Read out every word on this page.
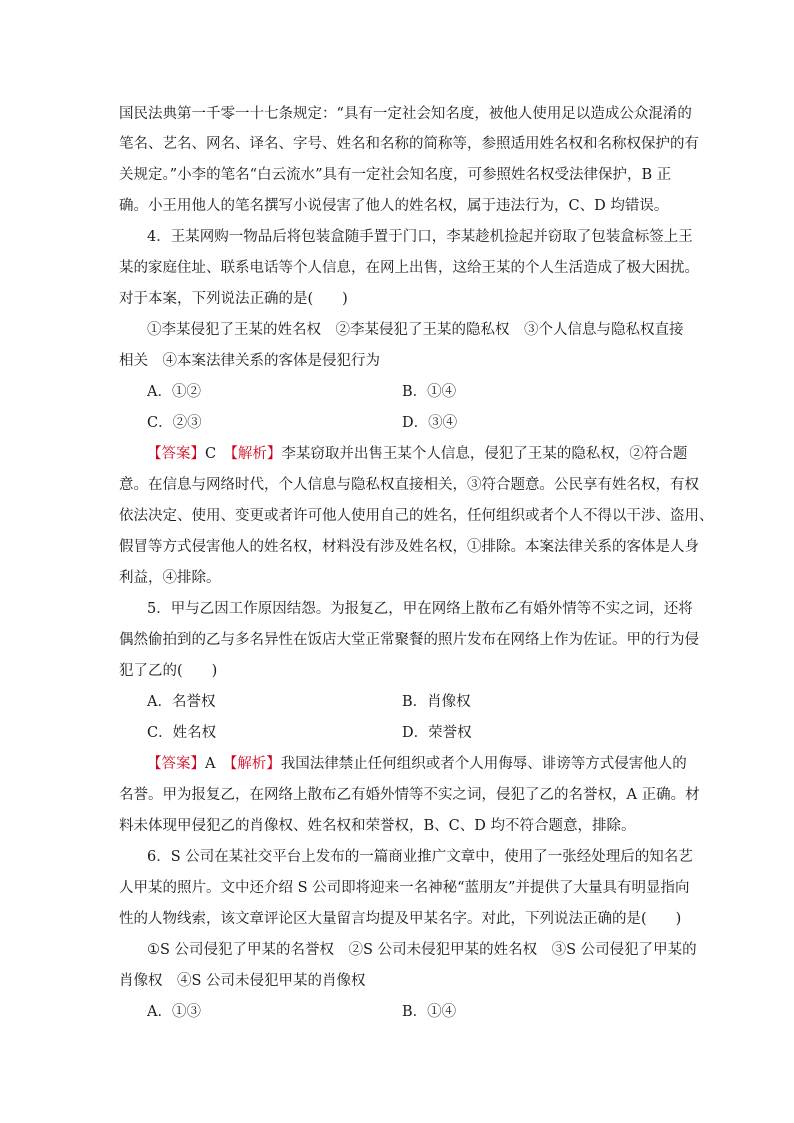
国民法典第一千零一十七条规定：“具有一定社会知名度，被他人使用足以造成公众混淆的
笔名、艺名、网名、译名、字号、姓名和名称的简称等，参照适用姓名权和名称权保护的有
关规定。”小李的笔名“白云流水”具有一定社会知名度，可参照姓名权受法律保护，B 正
确。小王用他人的笔名撰写小说侵害了他人的姓名权，属于违法行为，C、D 均错误。
4．王某网购一物品后将包装盒随手置于门口，李某趁机捡起并窃取了包装盒标签上王
某的家庭住址、联系电话等个人信息，在网上出售，这给王某的个人生活造成了极大困扰。
对于本案，下列说法正确的是(　　)
①李某侵犯了王某的姓名权　②李某侵犯了王某的隐私权　③个人信息与隐私权直接
相关　④本案法律关系的客体是侵犯行为
A．①②	B．①④
C．②③	D．③④
【答案】C　 【解析】李某窃取并出售王某个人信息，侵犯了王某的隐私权，②符合题
意。在信息与网络时代，个人信息与隐私权直接相关，③符合题意。公民享有姓名权，有权
依法决定、使用、变更或者许可他人使用自己的姓名，任何组织或者个人不得以干涉、盗用、
假冒等方式侵害他人的姓名权，材料没有涉及姓名权，①排除。本案法律关系的客体是人身
利益，④排除。
5．甲与乙因工作原因结怨。为报复乙，甲在网络上散布乙有婚外情等不实之词，还将
偶然偷拍到的乙与多名异性在饭店大堂正常聚餐的照片发布在网络上作为佐证。甲的行为侵
犯了乙的(　　)
A．名誉权	B．肖像权
C．姓名权	D．荣誉权
【答案】A　 【解析】我国法律禁止任何组织或者个人用侮辱、诽谤等方式侵害他人的
名誉。甲为报复乙，在网络上散布乙有婚外情等不实之词，侵犯了乙的名誉权，A 正确。材
料未体现甲侵犯乙的肖像权、姓名权和荣誉权，B、C、D 均不符合题意，排除。
6．S 公司在某社交平台上发布的一篇商业推广文章中，使用了一张经处理后的知名艺
人甲某的照片。文中还介绍 S 公司即将迎来一名神秘“蓝朋友”并提供了大量具有明显指向
性的人物线索，该文章评论区大量留言均提及甲某名字。对此，下列说法正确的是(　　)
①S 公司侵犯了甲某的名誉权　②S 公司未侵犯甲某的姓名权　③S 公司侵犯了甲某的
肖像权　④S 公司未侵犯甲某的肖像权
A．①③	B．①④
